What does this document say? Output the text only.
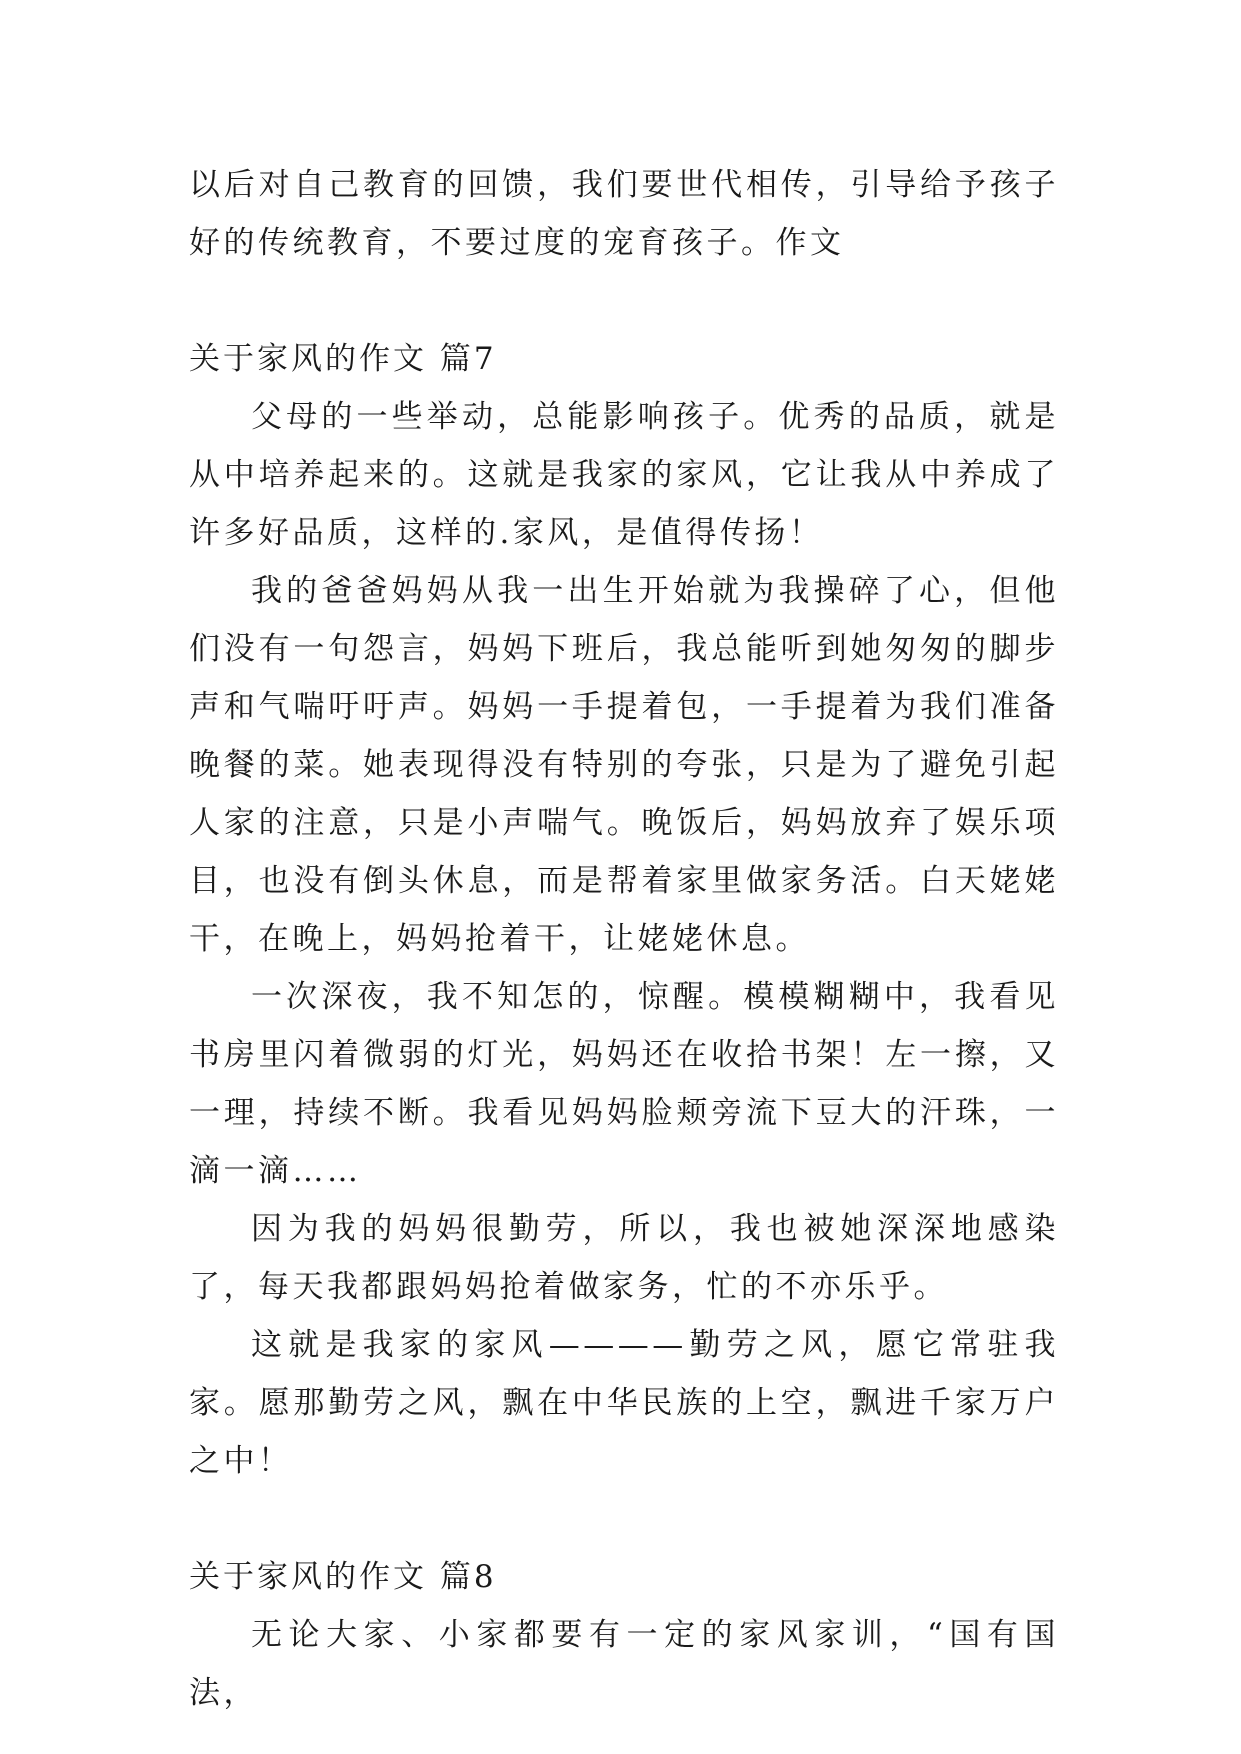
以后对自己教育的回馈，我们要世代相传，引导给予孩子好的传统教育，不要过度的宠育孩子。作文

关于家风的作文 篇7

父母的一些举动，总能影响孩子。优秀的品质，就是从中培养起来的。这就是我家的家风，它让我从中养成了许多好品质，这样的.家风，是值得传扬！

我的爸爸妈妈从我一出生开始就为我操碎了心，但他们没有一句怨言，妈妈下班后，我总能听到她匆匆的脚步声和气喘吁吁声。妈妈一手提着包，一手提着为我们准备晚餐的菜。她表现得没有特别的夸张，只是为了避免引起人家的注意，只是小声喘气。晚饭后，妈妈放弃了娱乐项目，也没有倒头休息，而是帮着家里做家务活。白天姥姥干，在晚上，妈妈抢着干，让姥姥休息。

一次深夜，我不知怎的，惊醒。模模糊糊中，我看见书房里闪着微弱的灯光，妈妈还在收拾书架！左一擦，又一理，持续不断。我看见妈妈脸颊旁流下豆大的汗珠，一滴一滴……

因为我的妈妈很勤劳，所以，我也被她深深地感染了，每天我都跟妈妈抢着做家务，忙的不亦乐乎。

这就是我家的家风————勤劳之风，愿它常驻我家。愿那勤劳之风，飘在中华民族的上空，飘进千家万户之中！

关于家风的作文 篇8

无论大家、小家都要有一定的家风家训，“国有国法，
